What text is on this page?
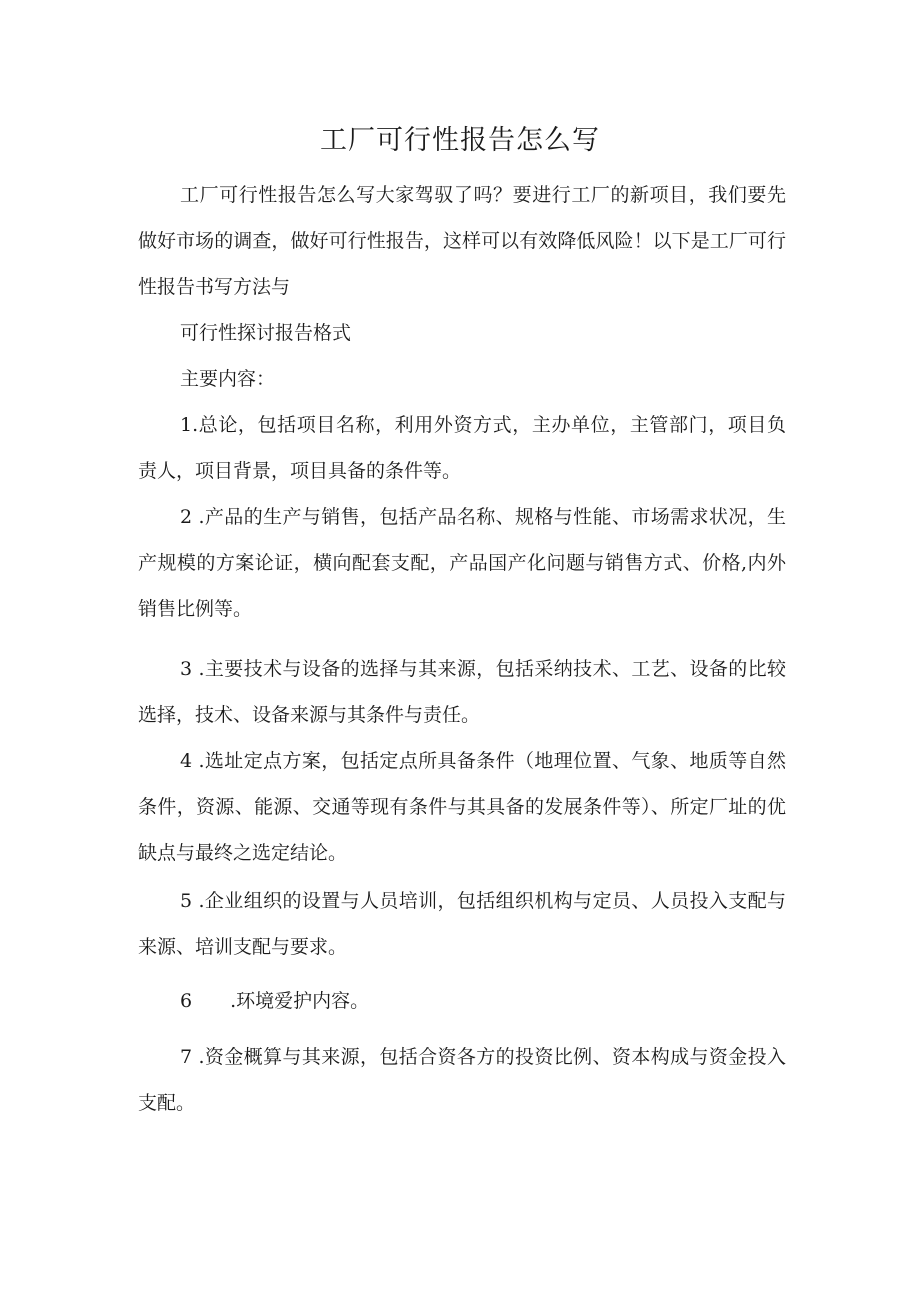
工厂可行性报告怎么写

工厂可行性报告怎么写大家驾驭了吗？要进行工厂的新项目，我们要先做好市场的调查，做好可行性报告，这样可以有效降低风险！以下是工厂可行性报告书写方法与

可行性探讨报告格式

主要内容：

1.总论，包括项目名称，利用外资方式，主办单位，主管部门，项目负责人，项目背景，项目具备的条件等。

2 .产品的生产与销售，包括产品名称、规格与性能、市场需求状况，生产规模的方案论证，横向配套支配，产品国产化问题与销售方式、价格,内外销售比例等。

3 .主要技术与设备的选择与其来源，包括采纳技术、工艺、设备的比较选择，技术、设备来源与其条件与责任。

4 .选址定点方案，包括定点所具备条件（地理位置、气象、地质等自然条件，资源、能源、交通等现有条件与其具备的发展条件等）、所定厂址的优缺点与最终之选定结论。

5 .企业组织的设置与人员培训，包括组织机构与定员、人员投入支配与来源、培训支配与要求。

6　　.环境爱护内容。

7 .资金概算与其来源，包括合资各方的投资比例、资本构成与资金投入支配。
